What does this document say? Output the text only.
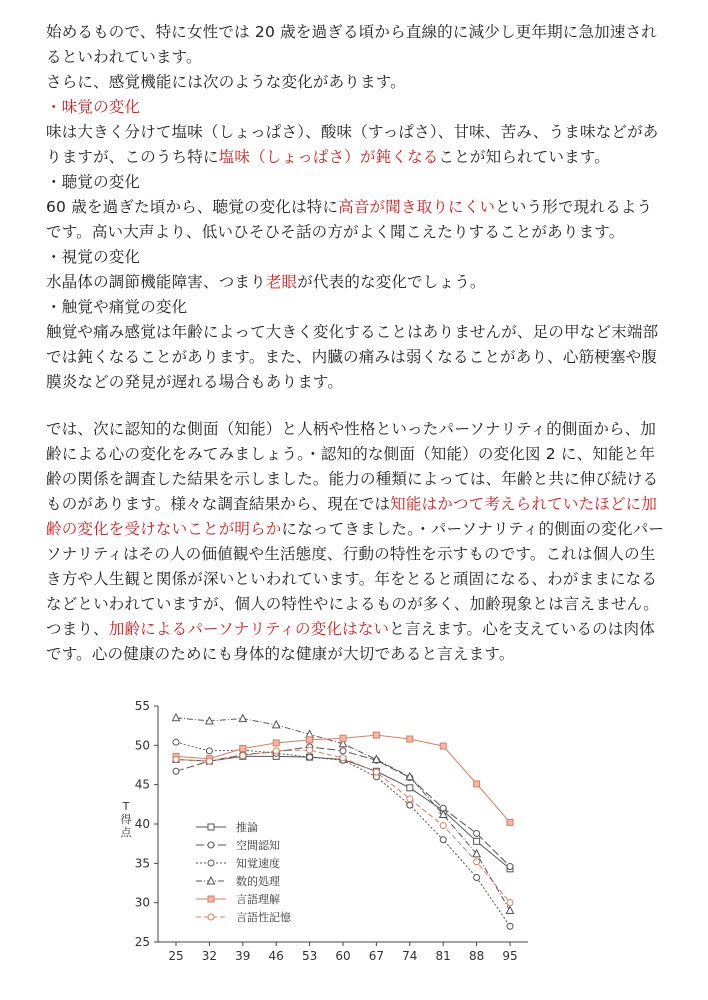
始めるもので、特に女性では 20 歳を過ぎる頃から直線的に減少し更年期に急加速されるといわれています。

さらに、感覚機能には次のような変化があります。

・味覚の変化

味は大きく分けて塩味（しょっぱさ）、酸味（すっぱさ）、甘味、苦み、うま味などがありますが、このうち特に塩味（しょっぱさ）が鈍くなることが知られています。

・聴覚の変化

60 歳を過ぎた頃から、聴覚の変化は特に高音が聞き取りにくいという形で現れるようです。高い大声より、低いひそひそ話の方がよく聞こえたりすることがあります。

・視覚の変化

水晶体の調節機能障害、つまり老眼が代表的な変化でしょう。

・触覚や痛覚の変化

触覚や痛み感覚は年齢によって大きく変化することはありませんが、足の甲など末端部では鈍くなることがあります。また、内臓の痛みは弱くなることがあり、心筋梗塞や腹膜炎などの発見が遅れる場合もあります。

では、次に認知的な側面（知能）と人柄や性格といったパーソナリティ的側面から、加齢による心の変化をみてみましょう。・認知的な側面（知能）の変化図 2 に、知能と年齢の関係を調査した結果を示しました。能力の種類によっては、年齢と共に伸び続けるものがあります。様々な調査結果から、現在では知能はかつて考えられていたほどに加齢の変化を受けないことが明らかになってきました。・パーソナリティ的側面の変化パーソナリティはその人の価値観や生活態度、行動の特性を示すものです。これは個人の生き方や人生観と関係が深いといわれています。年をとると頑固になる、わがままになるなどといわれていますが、個人の特性やによるものが多く、加齢現象とは言えません。つまり、加齢によるパーソナリティの変化はないと言えます。心を支えているのは肉体です。心の健康のためにも身体的な健康が大切であると言えます。

25
30
35
40
45
50
55
25 32 39 46 53 60 67 74 81 88 95
推論
空間認知
知覚速度
数的処理
言語理解
言語性記憶
T 得点
